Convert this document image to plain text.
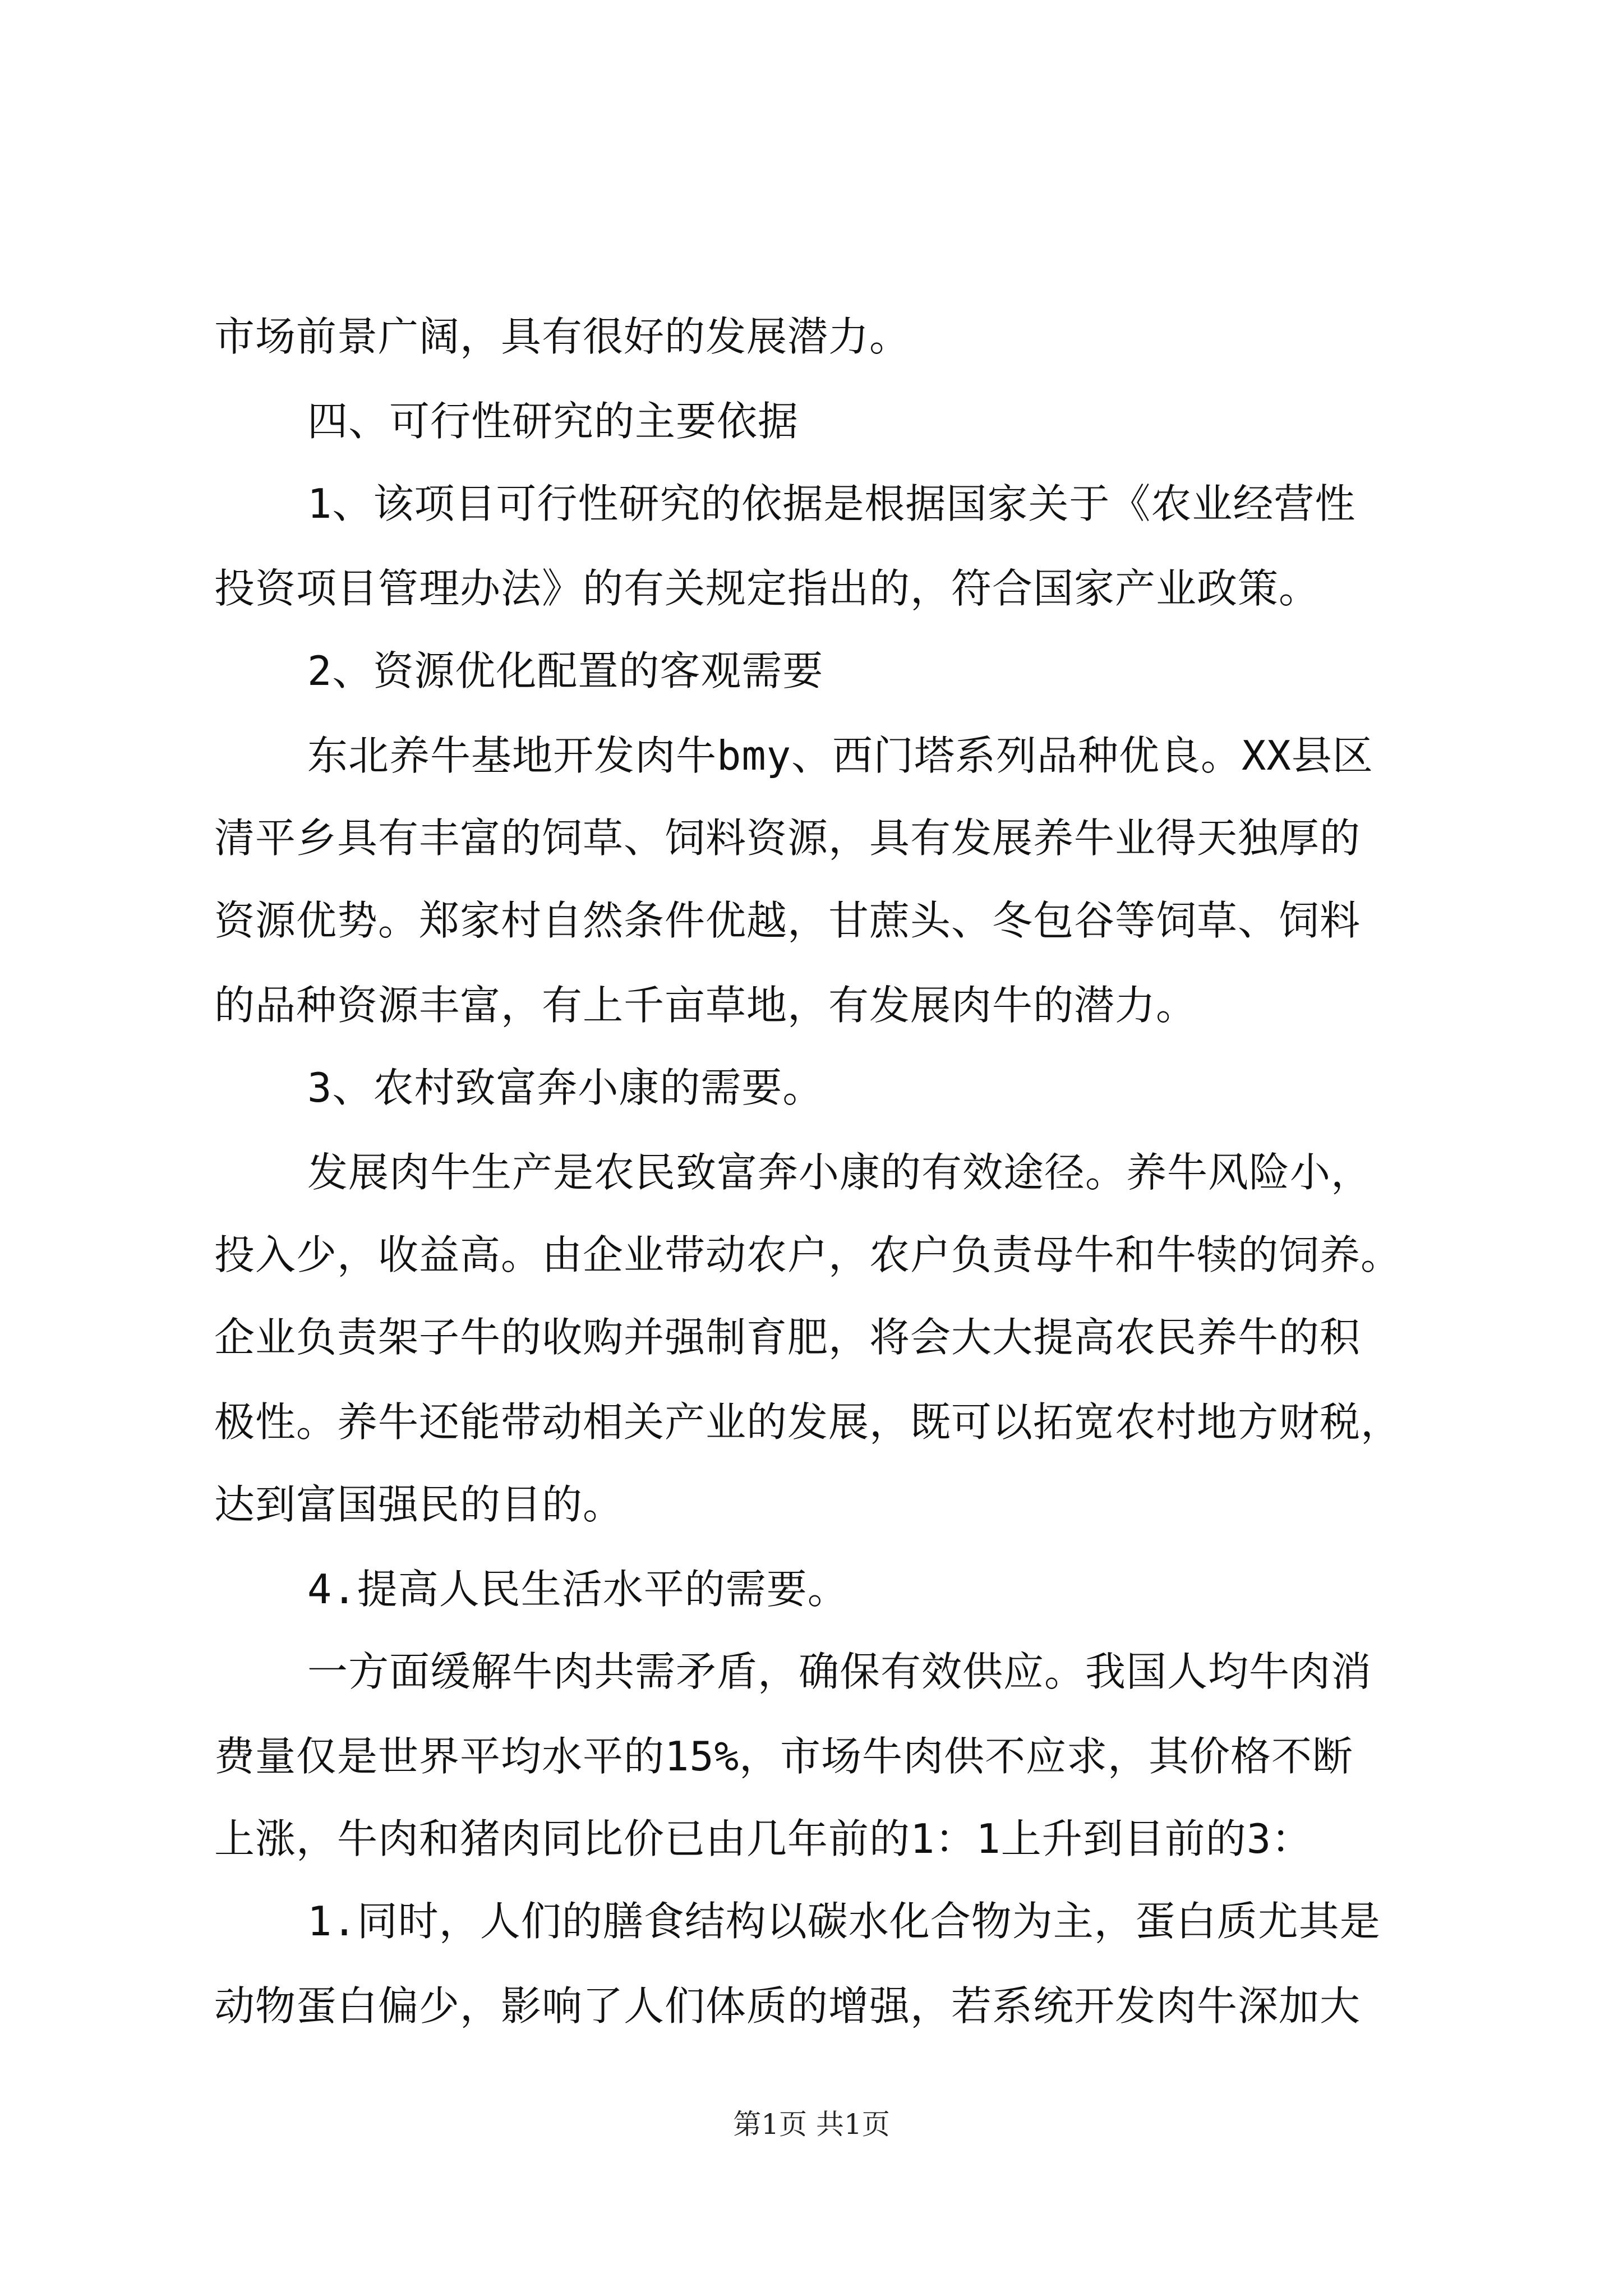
市场前景广阔，具有很好的发展潜力。
四、可行性研究的主要依据
1、该项目可行性研究的依据是根据国家关于《农业经营性
投资项目管理办法》的有关规定指出的，符合国家产业政策。
2、资源优化配置的客观需要
东北养牛基地开发肉牛bmy、西门塔系列品种优良。XX县区
清平乡具有丰富的饲草、饲料资源，具有发展养牛业得天独厚的
资源优势。郑家村自然条件优越，甘蔗头、冬包谷等饲草、饲料
的品种资源丰富，有上千亩草地，有发展肉牛的潜力。
3、农村致富奔小康的需要。
发展肉牛生产是农民致富奔小康的有效途径。养牛风险小，
投入少，收益高。由企业带动农户，农户负责母牛和牛犊的饲养。
企业负责架子牛的收购并强制育肥，将会大大提高农民养牛的积
极性。养牛还能带动相关产业的发展，既可以拓宽农村地方财税，
达到富国强民的目的。
4.提高人民生活水平的需要。
一方面缓解牛肉共需矛盾，确保有效供应。我国人均牛肉消
费量仅是世界平均水平的15%，市场牛肉供不应求，其价格不断
上涨，牛肉和猪肉同比价已由几年前的1：1上升到目前的3：
1.同时，人们的膳食结构以碳水化合物为主，蛋白质尤其是
动物蛋白偏少，影响了人们体质的增强，若系统开发肉牛深加大
第1页 共1页
